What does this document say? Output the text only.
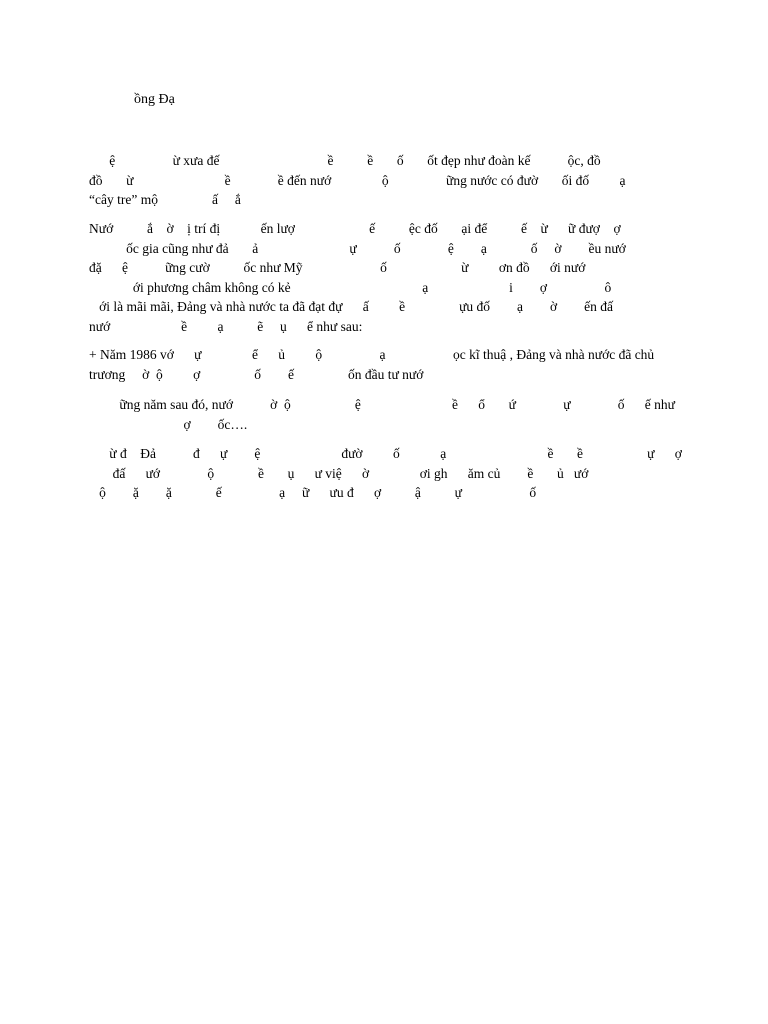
ồng Đạ
ệ                 ừ xưa đế                                ề          ề       ố       ốt đẹp như đoàn kế           ộc, đồ
đồ       ừ                           ề              ề đến nướ               ộ                 ững nước có đườ       ối đố         ạ
“cây tre” mộ                ấ     ắ
Nướ          ắ    ờ    ị trí đị            ến lượ                      ế          ệc đố       ại để          ế    ừ      ữ đượ    ợ
ốc gia cũng như đả       ả                           ự           ố              ệ        ạ             ố     ờ        ều nướ
đặ      ệ           ững cườ          ốc như Mỹ                       ố                      ừ         ơn đồ      ới nướ
ới phương châm không có kẻ                                       ạ                        i        ợ                 ô
ới là mãi mãi, Đảng và nhà nước ta đã đạt đự      ấ         ề                ựu đố        ạ        ờ        ến đấ
nướ                     ề         ạ          ẽ     ụ      ể như sau:
+ Năm 1986 vớ      ự               ể      ủ         ộ                 ạ                    ọc kĩ thuậ , Đảng và nhà nước đã chủ
trương     ờ  ộ         ợ                ố        ế                ốn đầu tư nướ
ững năm sau đó, nướ           ờ  ộ                   ệ                           ề      ổ       ứ              ự              ố      ế như
ợ        ốc….
ừ đ    Đả           đ      ự        ệ                        đườ         ố            ạ                              ề       ề                   ự      ợ
đấ      ướ              ộ             ề       ụ      ư việ      ờ               ơi gh      ăm củ        ề       ủ   ướ
ộ        ặ        ặ             ế                 ạ     ữ      ưu đ      ợ          ậ          ự                    ố
